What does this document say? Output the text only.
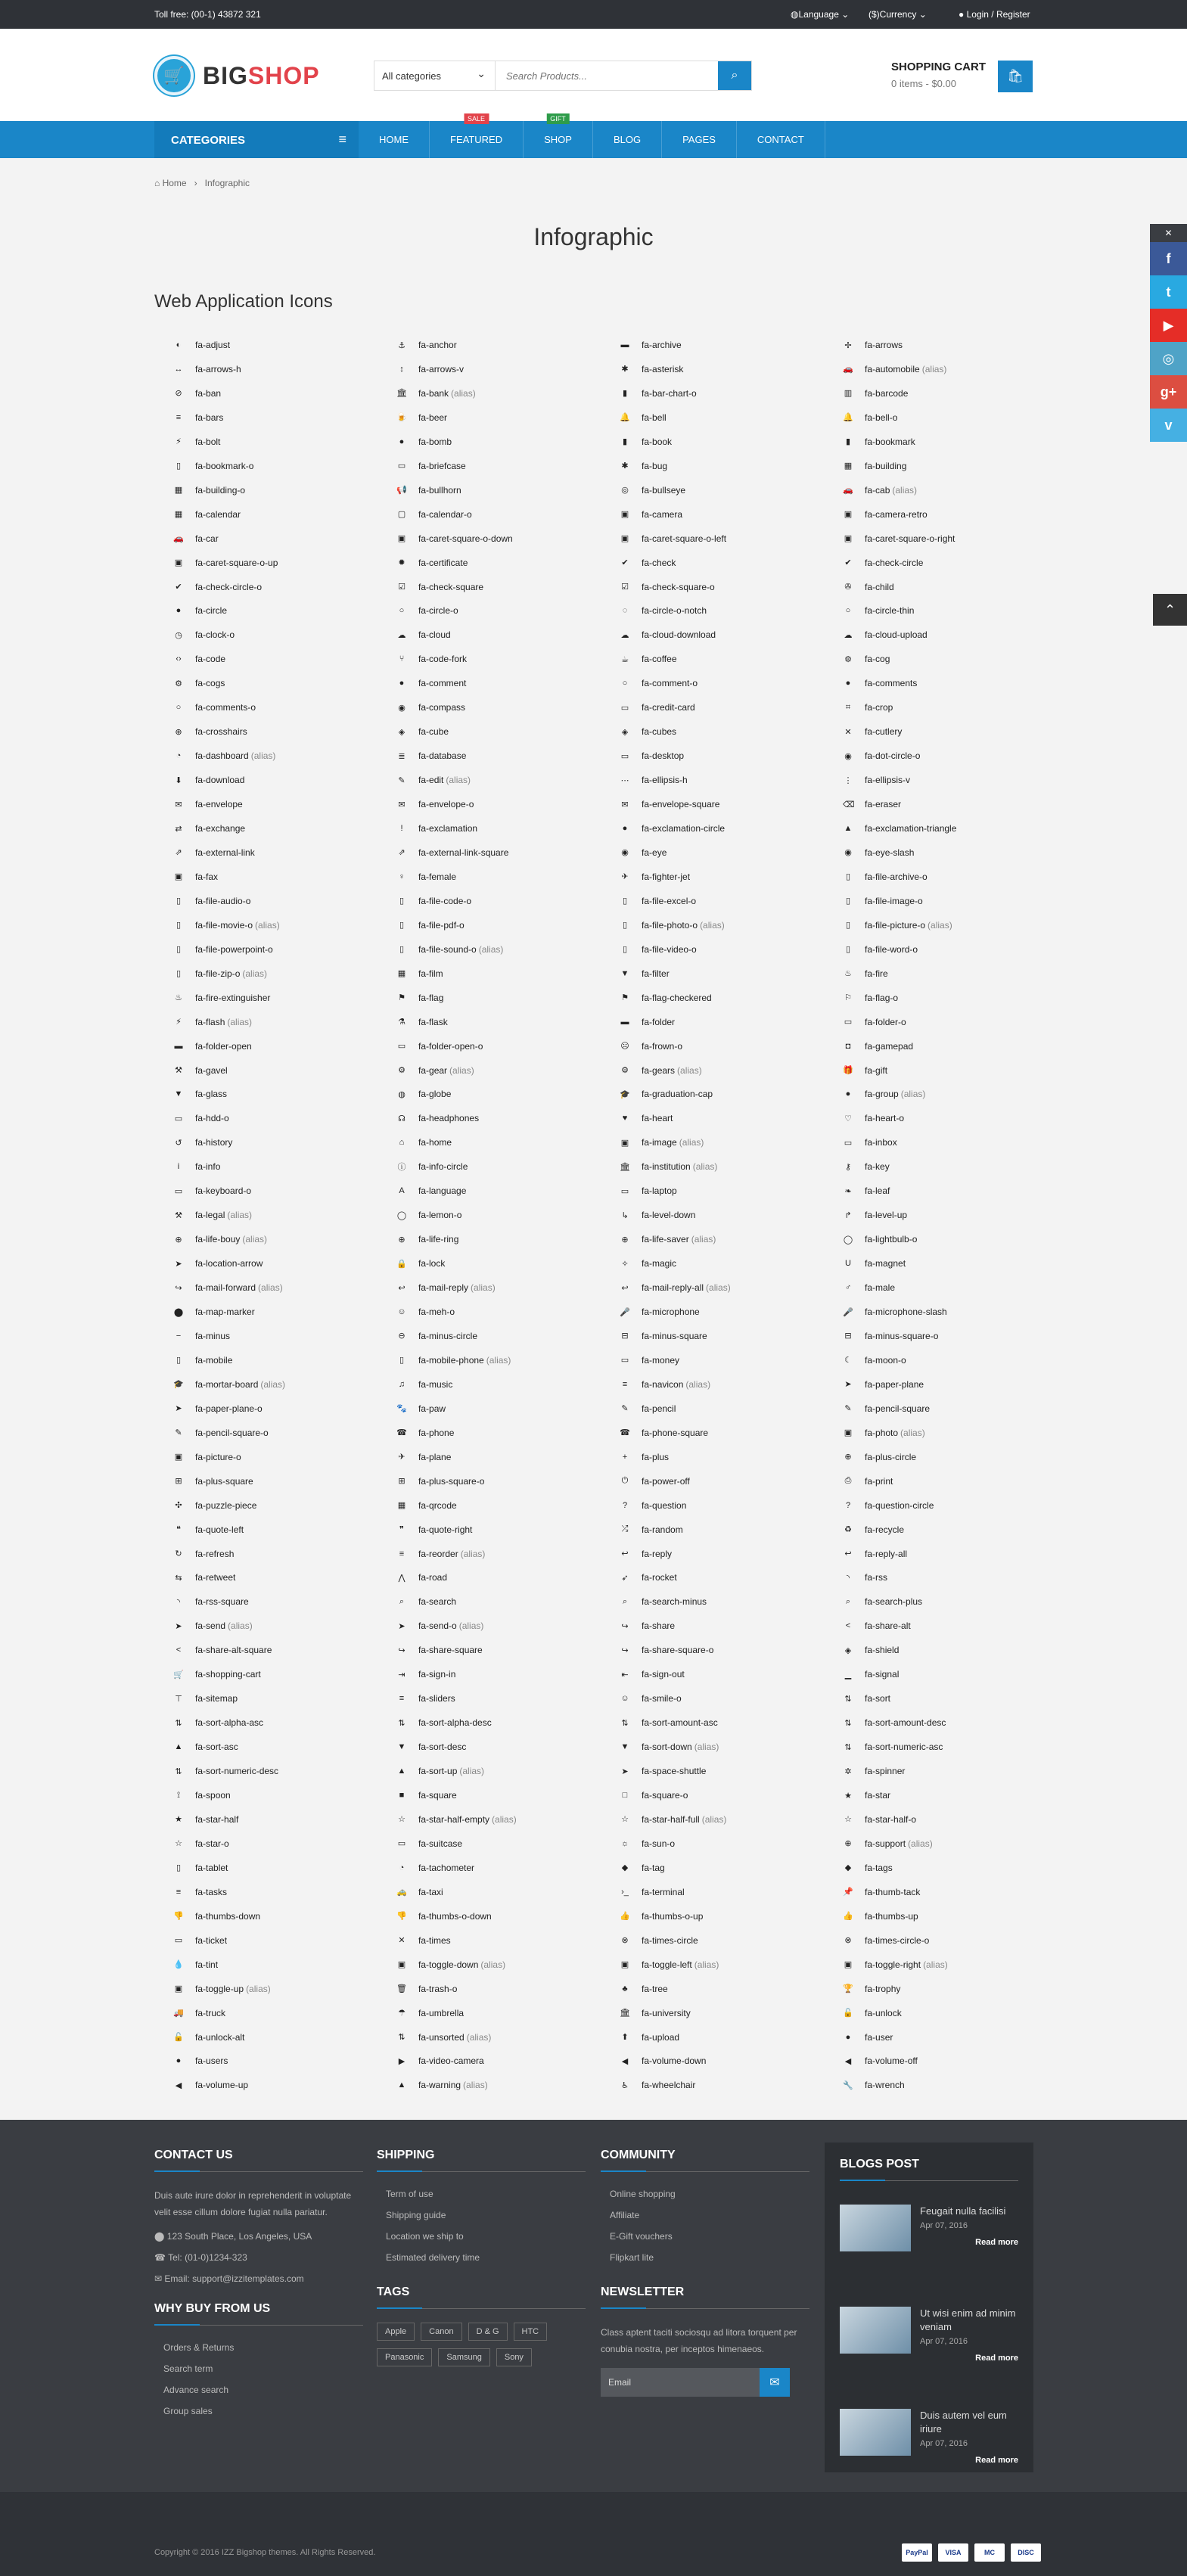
Toll free: (00-1) 43872 321	◍Language ⌄ ($)Currency ⌄	● Login / Register
🛒 BIGSHOP	All categories ⌄
Search Products...	⌕
SHOPPING CART
0 items - $0.00
🛍
CATEGORIES	≡	HOME	FEATURED
SALE
SHOP
GIFT
BLOG	PAGES	CONTACT
⌂ Home   ›   Infographic
Infographic
Web Application Icons
◐	fa- adjust	⚓ fa- anchor	▬ fa- archive	✢ fa- arrows
↔ fa- arrows-h	↕	fa- arrows-v	✱ fa- asterisk	🚗 fa- automobile (alias)
⊘ fa- ban	🏛 fa- bank (alias)	▮	fa- bar-chart-o	▥ fa- barcode
≡	fa- bars	🍺 fa- beer	🔔 fa- bell	🔔 fa- bell-o
⚡ fa- bolt	●	fa- bomb	▮	fa- book	▮	fa- bookmark
▯	fa- bookmark-o	▭ fa- briefcase	✱ fa- bug	▦ fa- building
▦ fa- building-o	📢 fa- bullhorn	◎ fa- bullseye	🚗 fa- cab (alias)
▦ fa- calendar	▢ fa- calendar-o	▣ fa- camera	▣ fa- camera-retro
🚗 fa- car	▣ fa- caret-square-o-down	▣ fa- caret-square-o-left	▣ fa- caret-square-o-right
▣ fa- caret-square-o-up	✹ fa- certificate	✔ fa- check	✔ fa- check-circle
✔ fa- check-circle-o	☑ fa- check-square	☑ fa- check-square-o	✇ fa- child
●	fa- circle	○	fa- circle-o	◌	fa- circle-o-notch	○	fa- circle-thin
◷ fa- clock-o	☁ fa- cloud	☁ fa- cloud-download	☁ fa- cloud-upload
‹› fa- code	⑂	fa- code-fork	☕ fa- coffee	⚙ fa- cog
⚙ fa- cogs	●	fa- comment	○	fa- comment-o	●	fa- comments
○	fa- comments-o	◉ fa- compass	▭ fa- credit-card	⌗	fa- crop
⊕ fa- crosshairs	◈ fa- cube	◈ fa- cubes	✕ fa- cutlery
◔	fa- dashboard (alias)	≣ fa- database	▭ fa- desktop	◉ fa- dot-circle-o
⬇ fa- download	✎ fa- edit (alias)	⋯ fa- ellipsis-h	⋮ fa- ellipsis-v
✉ fa- envelope	✉ fa- envelope-o	✉ fa- envelope-square	⌫ fa- eraser
⇄ fa- exchange	!	fa- exclamation	●	fa- exclamation-circle	▲ fa- exclamation-triangle
⇗ fa- external-link	⇗ fa- external-link-square	◉ fa- eye	◉ fa- eye-slash
▣ fa- fax	♀ fa- female	✈ fa- fighter-jet	▯	fa- file-archive-o
▯	fa- file-audio-o	▯	fa- file-code-o	▯	fa- file-excel-o	▯	fa- file-image-o
▯	fa- file-movie-o (alias)	▯	fa- file-pdf-o	▯	fa- file-photo-o (alias)	▯	fa- file-picture-o (alias)
▯	fa- file-powerpoint-o	▯	fa- file-sound-o (alias)	▯	fa- file-video-o	▯	fa- file-word-o
▯	fa- file-zip-o (alias)	▦ fa- film	▼ fa- filter	♨ fa- fire
♨ fa- fire-extinguisher	⚑ fa- flag	⚑ fa- flag-checkered	⚐ fa- flag-o
⚡ fa- flash (alias)	⚗ fa- flask	▬ fa- folder	▭ fa- folder-o
▬ fa- folder-open	▭ fa- folder-open-o	☹ fa- frown-o	◘	fa- gamepad
⚒ fa- gavel	⚙ fa- gear (alias)	⚙ fa- gears (alias)	🎁 fa- gift
▼ fa- glass	◍ fa- globe	🎓 fa- graduation-cap	●	fa- group (alias)
▭ fa- hdd-o	☊ fa- headphones	♥	fa- heart	♡ fa- heart-o
↺ fa- history	⌂	fa- home	▣ fa- image (alias)	▭ fa- inbox
i	fa- info	ⓘ fa- info-circle	🏛 fa- institution (alias)	⚷ fa- key
▭ fa- keyboard-o	A fa- language	▭ fa- laptop	❧ fa- leaf
⚒ fa- legal (alias)	◯ fa- lemon-o	↳ fa- level-down	↱ fa- level-up
⊕ fa- life-bouy (alias)	⊕ fa- life-ring	⊕ fa- life-saver (alias)	◯ fa- lightbulb-o
➤ fa- location-arrow	🔒 fa- lock	✧ fa- magic	U fa- magnet
↪ fa- mail-forward (alias)	↩ fa- mail-reply (alias)	↩ fa- mail-reply-all (alias)	♂ fa- male
⬤ fa- map-marker	☺ fa- meh-o	🎤 fa- microphone	🎤 fa- microphone-slash
−	fa- minus	⊖ fa- minus-circle	⊟ fa- minus-square	⊟ fa- minus-square-o
▯	fa- mobile	▯	fa- mobile-phone (alias)	▭ fa- money	☾ fa- moon-o
🎓 fa- mortar-board (alias)	♫ fa- music	≡	fa- navicon (alias)	➤ fa- paper-plane
➤ fa- paper-plane-o	🐾 fa- paw	✎ fa- pencil	✎ fa- pencil-square
✎ fa- pencil-square-o	☎ fa- phone	☎ fa- phone-square	▣ fa- photo (alias)
▣ fa- picture-o	✈ fa- plane	+	fa- plus	⊕ fa- plus-circle
⊞ fa- plus-square	⊞ fa- plus-square-o	⏻ fa- power-off	⎙ fa- print
✣ fa- puzzle-piece	▦ fa- qrcode	?	fa- question	?	fa- question-circle
❝	fa- quote-left	❞	fa- quote-right	⤮ fa- random	♻ fa- recycle
↻ fa- refresh	≡	fa- reorder (alias)	↩ fa- reply	↩ fa- reply-all
⇆ fa- retweet	⋀ fa- road	➶ fa- rocket	◝	fa- rss
◝	fa- rss-square	⌕	fa- search	⌕	fa- search-minus	⌕	fa- search-plus
➤ fa- send (alias)	➤ fa- send-o (alias)	↪ fa- share	<	fa- share-alt
<	fa- share-alt-square	↪ fa- share-square	↪ fa- share-square-o	◈ fa- shield
🛒 fa- shopping-cart	⇥ fa- sign-in	⇤ fa- sign-out	▁ fa- signal
⊤ fa- sitemap	≡	fa- sliders	☺ fa- smile-o	⇅ fa- sort
⇅ fa- sort-alpha-asc	⇅ fa- sort-alpha-desc	⇅ fa- sort-amount-asc	⇅ fa- sort-amount-desc
▲ fa- sort-asc	▼ fa- sort-desc	▼ fa- sort-down (alias)	⇅ fa- sort-numeric-asc
⇅ fa- sort-numeric-desc	▲ fa- sort-up (alias)	➤ fa- space-shuttle	✲ fa- spinner
⟟	fa- spoon	■	fa- square	□	fa- square-o	★ fa- star
★ fa- star-half	☆ fa- star-half-empty (alias)	☆ fa- star-half-full (alias)	☆ fa- star-half-o
☆ fa- star-o	▭ fa- suitcase	☼ fa- sun-o	⊕ fa- support (alias)
▯	fa- tablet	◔	fa- tachometer	◆ fa- tag	◆ fa- tags
≡	fa- tasks	🚕 fa- taxi	›_ fa- terminal	📌 fa- thumb-tack
👎 fa- thumbs-down	👎 fa- thumbs-o-down	👍 fa- thumbs-o-up	👍 fa- thumbs-up
▭ fa- ticket	✕ fa- times	⊗ fa- times-circle	⊗ fa- times-circle-o
💧 fa- tint	▣ fa- toggle-down (alias)	▣ fa- toggle-left (alias)	▣ fa- toggle-right (alias)
▣ fa- toggle-up (alias)	🗑 fa- trash-o	♣ fa- tree	🏆 fa- trophy
🚚 fa- truck	☂ fa- umbrella	🏛 fa- university	🔓 fa- unlock
🔓 fa- unlock-alt	⇅ fa- unsorted (alias)	⬆ fa- upload	●	fa- user
●	fa- users	▶ fa- video-camera	◀ fa- volume-down	◀ fa- volume-off
◀ fa- volume-up	▲ fa- warning (alias)	♿ fa- wheelchair	🔧 fa- wrench
✕
f
t
▶
◎
g+
v
⌃
CONTACT US
Duis aute irure dolor in reprehenderit in voluptate velit esse cillum dolore fugiat nulla pariatur.
⬤ 123 South Place, Los Angeles, USA
☎ Tel: (01-0)1234-323
✉ Email: support@izzitemplates.com
WHY BUY FROM US
Orders & Returns
Search term
Advance search
Group sales
SHIPPING
Term of use
Shipping guide
Location we ship to
Estimated delivery time
TAGS
Apple	Canon	D & G	HTC
Panasonic	Samsung	Sony
COMMUNITY
Online shopping
Affiliate
E-Gift vouchers
Flipkart lite
NEWSLETTER
Class aptent taciti sociosqu ad litora torquent per conubia nostra, per inceptos himenaeos.
Email	✉
BLOGS POST
Feugait nulla facilisi
Apr 07, 2016
Read more
Ut wisi enim ad minim veniam
Apr 07, 2016
Read more
Duis autem vel eum iriure
Apr 07, 2016
Read more
Copyright © 2016 IZZ Bigshop themes. All Rights Reserved.	PayPal	VISA	MC	DISC
